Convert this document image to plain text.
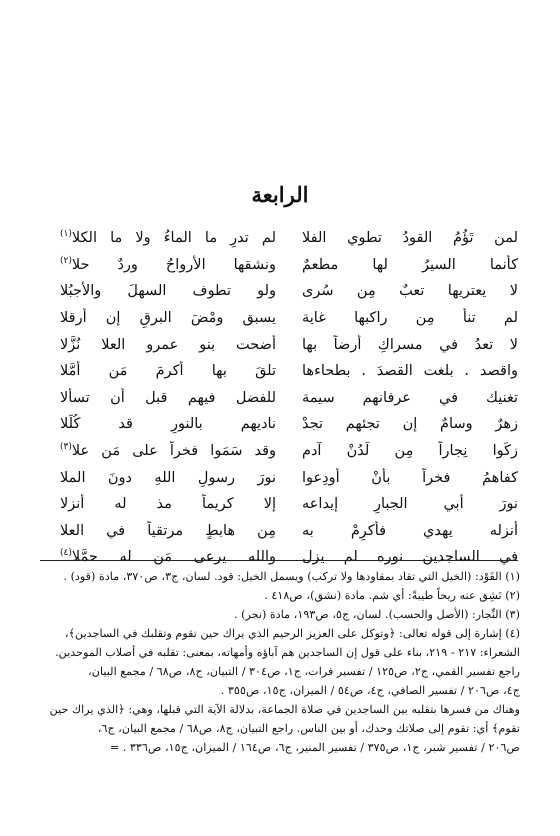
الرابعة
لمن تَؤُمُ القودُ تطوي الفلا
لم تدرِ ما الماءُ ولا ما الكلا$^{(١)}$
كأنما السيرُ لها مطعمٌ
ونشقها الأرواحُ وردٌ حلا$^{(٢)}$
لا يعتريها تعبٌ مِن سُرى
ولو تطوف السهلَ والأجبُلا
لم تنأ مِن راكبها غاية
يسبق ومْضَ البرقِ إن أرقلا
لا تعدُ في مسراكِ أرضاً بها
أضحت بنو عمرو العلا نُزَّلا
واقصد . بلغت القصدَ . بطحاءها
تلقَ بها أكرمَ مَن أمَّلا
تغنيك في عرفانهم سيمة
للفضل فيهم قبل أن تسألا
زهرٌ وسامٌ إن تجئهم تجدْ
ناديهم بالنورِ قد كُلِّلا
زكَوا نِجاراً مِن لَدُنْ آدم
وقد سَمَوا فخراً على مَن علا$^{(٣)}$
كفاهمُ فخراً بأنْ أُودِعوا
نورَ رسولِ اللهِ دونَ الملا
نورَ أبي الجبارِ إيداعه
إلا كريماً مذ له أنزلا
أنزله يهدي فأكرِمْ به
مِن هابطٍ مرتقياً في العلا
في الساجدين نوره لم يزل
والله يرعى مَن له حمَّلا$^{(٤)}$

(١) القَوْد: (الخيل التي تقاد بمقاودها ولا تركب) ويسمل الخيل: قود. لسان، ج٣، ص٣٧٠، مادة (قود) .

(٢) نَشِق عنه ريحاً طيبةً: أي شم. مادة (نشق)، ص٤١٨ .

(٣) النِّجار: (الأصل والحسب). لسان، ج٥، ص١٩٣، مادة (نجر) .

(٤) إشارة إلى قوله تعالى: ﴿وتوكل على العزيز الرحيم الذي يراك حين تقوم وتقلبك في الساجدين﴾،

الشعراء: ٢١٧ - ٢١٩، بناء على قول إن الساجدين هم آباؤه وأمهاته، بمعنى: تقلبه في أصلاب الموحدين.

راجع تفسير القمي، ج٢، ص١٢٥ / تفسير فرات، ج١، ص٣٠٤ / التبيان، ج٨، ص٦٨ / مجمع البيان،

ج٤، ص٢٠٦ / تفسير الصافي، ج٤، ص٥٤ / الميزان، ج١٥، ص٣٥٥ .

وهناك من فسرها بتقلبه بين الساجدين في صلاة الجماعة، بدلالة الآية التي قبلها، وهي: ﴿الذي يراك حين

تقوم﴾ أي: تقوم إلى صلاتك وحدك، أو بين الناس. راجع التبيان، ج٨، ص٦٨ / مجمع البيان، ج٦،

ص٢٠٦ / تفسير شبر، ج١، ص٣٧٥ / تفسير المنير، ج٦، ص١٦٤ / الميزان، ج١٥، ص٣٣٦ . =
